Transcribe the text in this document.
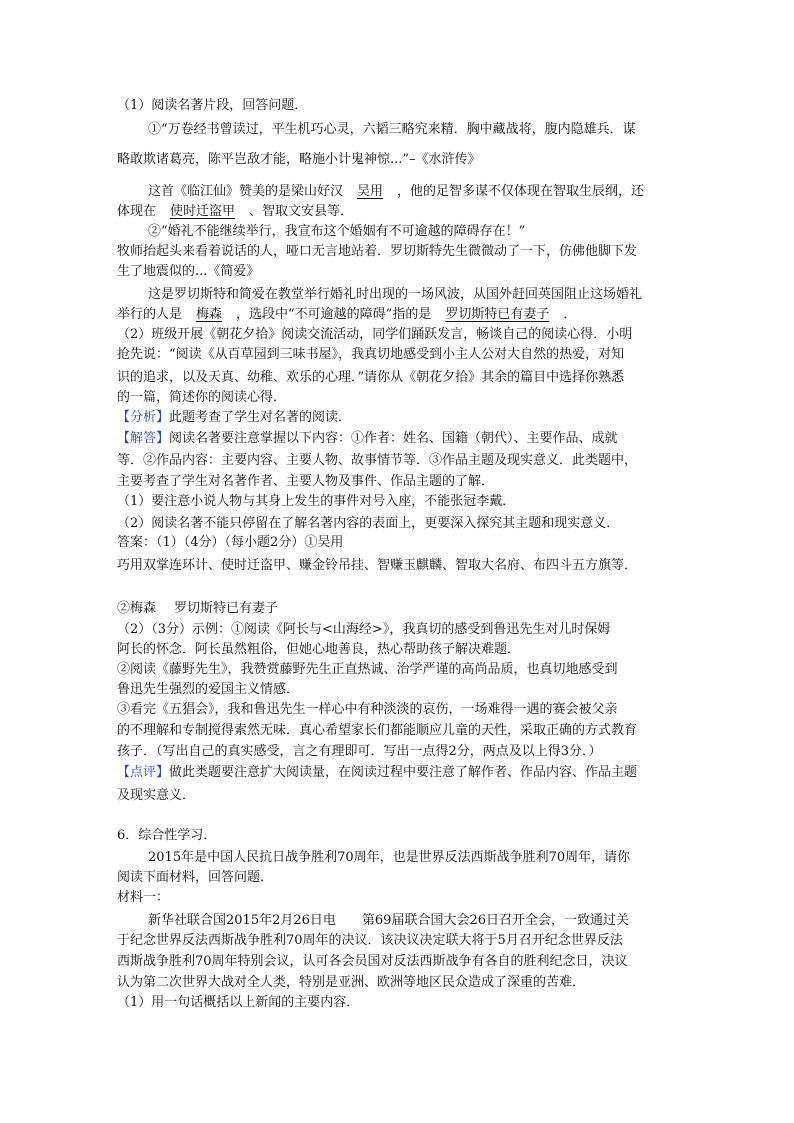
（1）阅读名著片段，回答问题．
①“万卷经书曾读过，平生机巧心灵，六韬三略究来精．胸中藏战将，腹内隐雄兵．谋
略敢欺诸葛亮，陈平岂敌才能，略施小计鬼神惊...”–《水浒传》
这首《临江仙》赞美的是梁山好汉 吴用 ，他的足智多谋不仅体现在智取生辰纲，还
体现在 使时迁盗甲 、智取文安县等．
②“婚礼不能继续举行，我宣布这个婚姻有不可逾越的障碍存在！”
牧师抬起头来看着说话的人，哑口无言地站着．罗切斯特先生微微动了一下，仿佛他脚下发
生了地震似的...《简爱》
这是罗切斯特和简爱在教堂举行婚礼时出现的一场风波，从国外赶回英国阻止这场婚礼
举行的人是 梅森 ，选段中“不可逾越的障碍”指的是 罗切斯特已有妻子 ．
（2）班级开展《朝花夕拾》阅读交流活动，同学们踊跃发言，畅谈自己的阅读心得．小明
抢先说：“阅读《从百草园到三味书屋》，我真切地感受到小主人公对大自然的热爱，对知
识的追求，以及天真、幼稚、欢乐的心理．”请你从《朝花夕拾》其余的篇目中选择你熟悉
的一篇，简述你的阅读心得．
【分析】此题考查了学生对名著的阅读．
【解答】阅读名著要注意掌握以下内容：①作者：姓名、国籍（朝代）、主要作品、成就
等．②作品内容：主要内容、主要人物、故事情节等．③作品主题及现实意义．此类题中，
主要考查了学生对名著作者、主要人物及事件、作品主题的了解．
（1）要注意小说人物与其身上发生的事件对号入座，不能张冠李戴．
（2）阅读名著不能只停留在了解名著内容的表面上，更要深入探究其主题和现实意义．
答案：（1）（4分）（每小题2分）①吴用
巧用双掌连环计、使时迁盗甲、赚金铃吊挂、智赚玉麒麟、智取大名府、布四斗五方旗等．
②梅森 罗切斯特已有妻子
（2）（3分）示例：①阅读《阿长与<山海经>》，我真切的感受到鲁迅先生对儿时保姆
阿长的怀念．阿长虽然粗俗，但她心地善良，热心帮助孩子解决难题．
②阅读《藤野先生》，我赞赏藤野先生正直热诚、治学严谨的高尚品质，也真切地感受到
鲁迅先生强烈的爱国主义情感．
③看完《五猖会》，我和鲁迅先生一样心中有种淡淡的哀伤，一场难得一遇的赛会被父亲
的不理解和专制搅得索然无味．真心希望家长们都能顺应儿童的天性，采取正确的方式教育
孩子．（写出自己的真实感受，言之有理即可．写出一点得2分，两点及以上得3分．）
【点评】做此类题要注意扩大阅读量，在阅读过程中要注意了解作者、作品内容、作品主题
及现实意义．
6．综合性学习．
2015年是中国人民抗日战争胜利70周年，也是世界反法西斯战争胜利70周年，请你
阅读下面材料，回答问题．
材料一：
新华社联合国2015年2月26日电 第69届联合国大会26日召开全会，一致通过关
于纪念世界反法西斯战争胜利70周年的决议．该决议决定联大将于5月召开纪念世界反法
西斯战争胜利70周年特别会议，认可各会员国对反法西斯战争有各自的胜利纪念日，决议
认为第二次世界大战对全人类，特别是亚洲、欧洲等地区民众造成了深重的苦难．
（1）用一句话概括以上新闻的主要内容．
